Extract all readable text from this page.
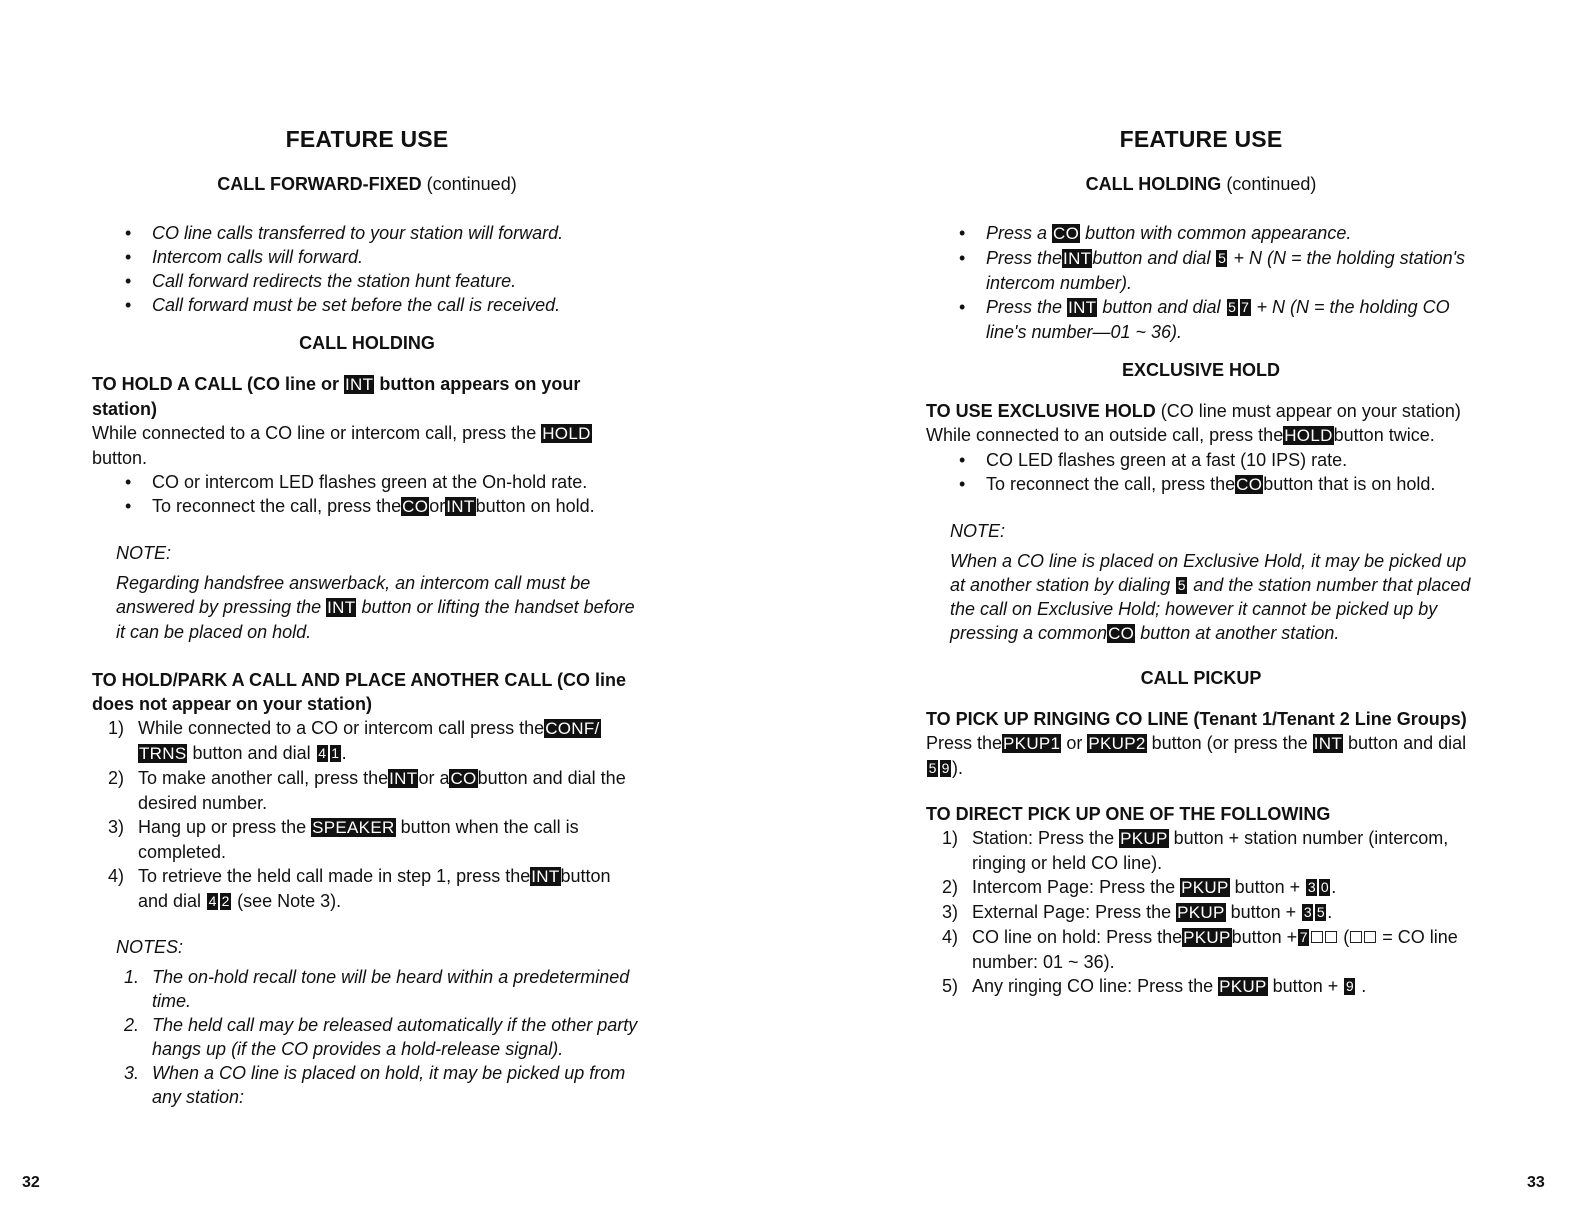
FEATURE USE
CALL FORWARD-FIXED (continued)
• CO line calls transferred to your station will forward.
• Intercom calls will forward.
• Call forward redirects the station hunt feature.
• Call forward must be set before the call is received.
CALL HOLDING
TO HOLD A CALL (CO line or INT button appears on your station)

While connected to a CO line or intercom call, press the HOLD button.

• CO or intercom LED flashes green at the On-hold rate.
• To reconnect the call, press theCOorINTbutton on hold.
NOTE:
Regarding handsfree answerback, an intercom call must be answered by pressing the INT button or lifting the handset before it can be placed on hold.
TO HOLD/PARK A CALL AND PLACE ANOTHER CALL (CO line does not appear on your station)
1) While connected to a CO or intercom call press theCONF/ TRNS button and dial 4 1 .
2) To make another call, press theINTor aCObutton and dial the desired number.
3) Hang up or press the SPEAKER button when the call is completed.
4) To retrieve the held call made in step 1, press theINTbutton and dial 4 2 (see Note 3).
NOTES:
1. The on-hold recall tone will be heard within a predetermined time.
2. The held call may be released automatically if the other party hangs up (if the CO provides a hold-release signal).
3. When a CO line is placed on hold, it may be picked up from any station:
32
FEATURE USE
CALL HOLDING (continued)
• Press a CO button with common appearance.
• Press theINTbutton and dial 5 + N (N = the holding station's intercom number).
• Press the INT button and dial 5 7 + N (N = the holding CO line's number—01 ~ 36).
EXCLUSIVE HOLD
TO USE EXCLUSIVE HOLD (CO line must appear on your station)

While connected to an outside call, press theHOLDbutton twice.

• CO LED flashes green at a fast (10 IPS) rate.
• To reconnect the call, press theCObutton that is on hold.
NOTE:
When a CO line is placed on Exclusive Hold, it may be picked up at another station by dialing 5 and the station number that placed the call on Exclusive Hold; however it cannot be picked up by pressing a commonCO button at another station.
CALL PICKUP
TO PICK UP RINGING CO LINE (Tenant 1/Tenant 2 Line Groups)

Press thePKUP1 or PKUP2 button (or press the INT button and dial 5 9 ).

TO DIRECT PICK UP ONE OF THE FOLLOWING
1) Station: Press the PKUP button + station number (intercom, ringing or held CO line).
2) Intercom Page: Press the PKUP button + 3 0 .
3) External Page: Press the PKUP button + 3 5 .
4) CO line on hold: Press thePKUPbutton + 7 ( = CO line number: 01 ~ 36).
5) Any ringing CO line: Press the PKUP button + 9 .
33
